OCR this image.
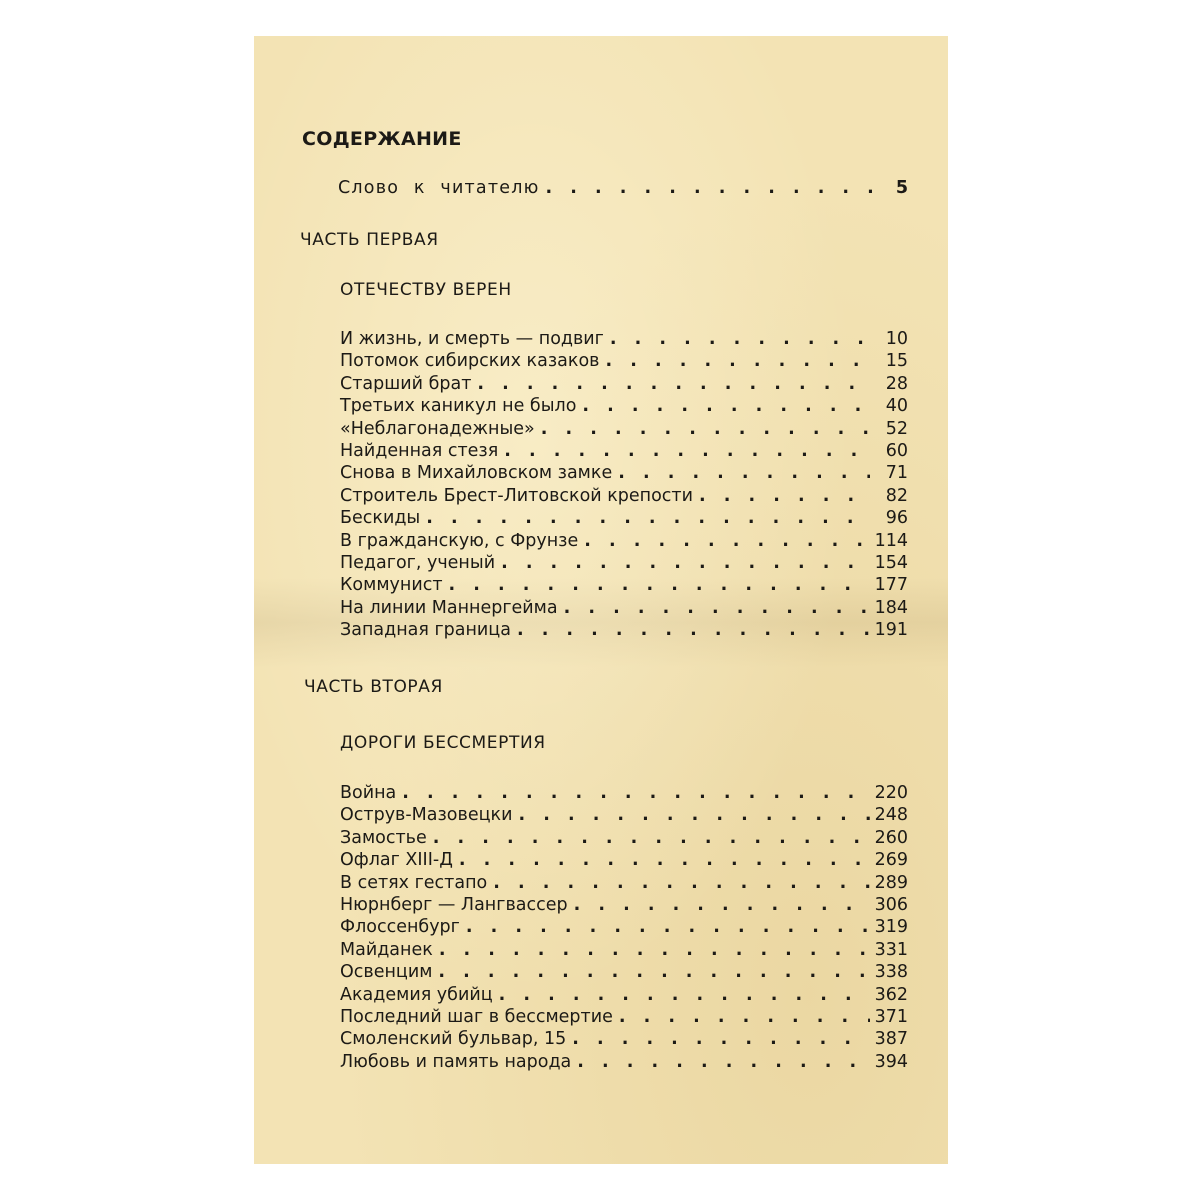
СОДЕРЖАНИЕ
Слово к читателю . . .	5
ЧАСТЬ ПЕРВАЯ
ОТЕЧЕСТВУ ВЕРЕН
И жизнь, и смерть — подвиг . . .	10
Потомок сибирских казаков . . .	15
Старший брат . . .	28
Третьих каникул не было . . .	40
«Неблагонадежные» . . .	52
Найденная стезя . . .	60
Снова в Михайловском замке . . .	71
Строитель Брест-Литовской крепости . . .	82
Бескиды . . .	96
В гражданскую, с Фрунзе . . .	114
Педагог, ученый . . .	154
Коммунист . . .	177
На линии Маннергейма . . .	184
Западная граница . . .	191
ЧАСТЬ ВТОРАЯ
ДОРОГИ БЕССМЕРТИЯ
Война . . .	220
Острув-Мазовецки . . .	248
Замостье . . .	260
Офлаг XIII-Д . . .	269
В сетях гестапо . . .	289
Нюрнберг — Лангвассер . . .	306
Флоссенбург . . .	319
Майданек . . .	331
Освенцим . . .	338
Академия убийц . . .	362
Последний шаг в бессмертие . . .	371
Смоленский бульвар, 15 . . .	387
Любовь и память народа . . .	394
